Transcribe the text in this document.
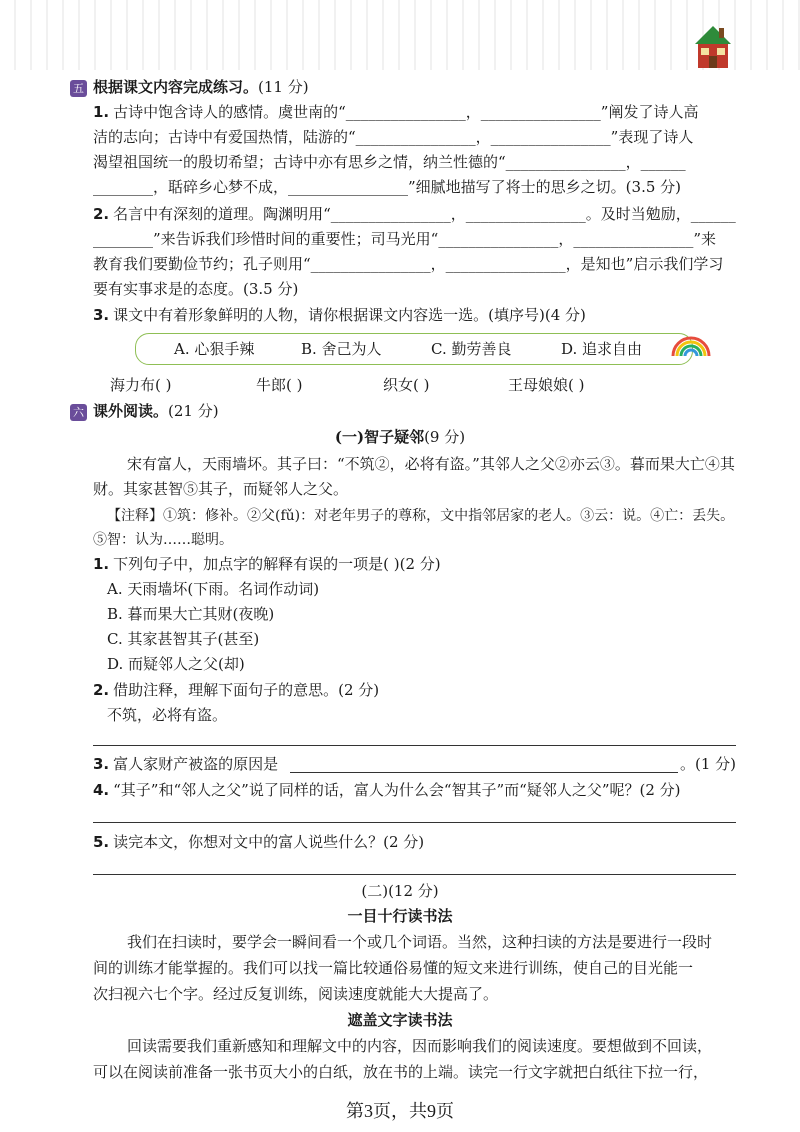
五 根据课文内容完成练习。(11 分)
1. 古诗中饱含诗人的感情。虞世南的“________________，________________”阐发了诗人高
洁的志向；古诗中有爱国热情，陆游的“________________，________________”表现了诗人
渴望祖国统一的殷切希望；古诗中亦有思乡之情，纳兰性德的“________________，______
________，聒碎乡心梦不成，________________”细腻地描写了将士的思乡之切。(3.5 分)
2. 名言中有深刻的道理。陶渊明用“________________，________________。及时当勉励，______
________”来告诉我们珍惜时间的重要性；司马光用“________________，________________”来
教育我们要勤俭节约；孔子则用“________________，________________，是知也”启示我们学习
要有实事求是的态度。(3.5 分)
3. 课文中有着形象鲜明的人物，请你根据课文内容选一选。(填序号)(4 分)
A. 心狠手辣	B. 舍己为人	C. 勤劳善良	D. 追求自由
海力布( )	牛郎( )	织女( )	王母娘娘( )
六 课外阅读。(21 分)
(一)智子疑邻(9 分)
宋有富人，天雨墙坏。其子曰：“不筑②，必将有盗。”其邻人之父②亦云③。暮而果大亡④其
财。其家甚智⑤其子，而疑邻人之父。
【注释】①筑：修补。②父(fǔ)：对老年男子的尊称，文中指邻居家的老人。③云：说。④亡：丢失。
⑤智：认为……聪明。
1. 下列句子中，加点字的解释有误的一项是( )(2 分)
A. 天雨墙坏(下雨。名词作动词)
B. 暮而果大亡其财(夜晚)
C. 其家甚智其子(甚至)
D. 而疑邻人之父(却)
2. 借助注释，理解下面句子的意思。(2 分)
不筑，必将有盗。
3. 富人家财产被盗的原因是	。(1 分)
4. “其子”和“邻人之父”说了同样的话，富人为什么会“智其子”而“疑邻人之父”呢？(2 分)
5. 读完本文，你想对文中的富人说些什么？(2 分)
(二)(12 分)
一目十行读书法
我们在扫读时，要学会一瞬间看一个或几个词语。当然，这种扫读的方法是要进行一段时
间的训练才能掌握的。我们可以找一篇比较通俗易懂的短文来进行训练，使自己的目光能一
次扫视六七个字。经过反复训练，阅读速度就能大大提高了。
遮盖文字读书法
回读需要我们重新感知和理解文中的内容，因而影响我们的阅读速度。要想做到不回读，
可以在阅读前准备一张书页大小的白纸，放在书的上端。读完一行文字就把白纸往下拉一行，
第3页，共9页
